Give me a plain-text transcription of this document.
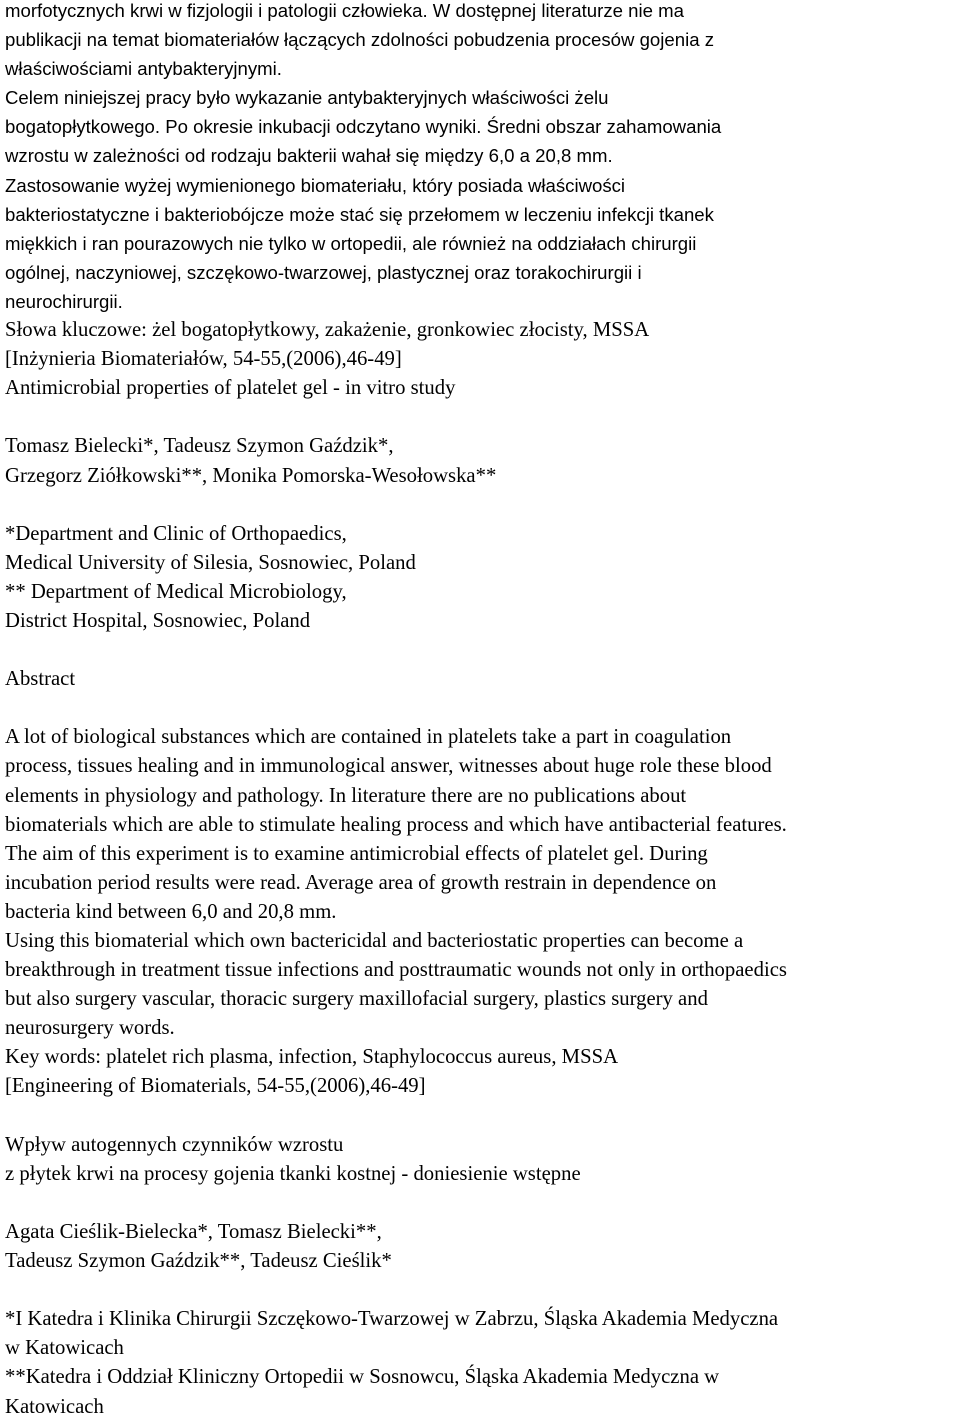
morfotycznych krwi w fizjologii i patologii człowieka. W dostępnej literaturze nie ma
publikacji na temat biomateriałów łączących zdolności pobudzenia procesów gojenia z
właściwościami antybakteryjnymi.
Celem niniejszej pracy było wykazanie antybakteryjnych właściwości żelu
bogatopłytkowego. Po okresie inkubacji odczytano wyniki. Średni obszar zahamowania
wzrostu w zależności od rodzaju bakterii wahał się między 6,0 a 20,8 mm.
Zastosowanie wyżej wymienionego biomateriału, który posiada właściwości
bakteriostatyczne i bakteriobójcze może stać się przełomem w leczeniu infekcji tkanek
miękkich i ran pourazowych nie tylko w ortopedii, ale również na oddziałach chirurgii
ogólnej, naczyniowej, szczękowo-twarzowej, plastycznej oraz torakochirurgii i
neurochirurgii.
Słowa kluczowe: żel bogatopłytkowy, zakażenie, gronkowiec złocisty, MSSA
[Inżynieria Biomateriałów, 54-55,(2006),46-49]
Antimicrobial properties of platelet gel - in vitro study
Tomasz Bielecki*, Tadeusz Szymon Gaździk*,
Grzegorz Ziółkowski**, Monika Pomorska-Wesołowska**
*Department and Clinic of Orthopaedics,
Medical University of Silesia, Sosnowiec, Poland
** Department of Medical Microbiology,
District Hospital, Sosnowiec, Poland
Abstract
A lot of biological substances which are contained in platelets take a part in coagulation
process, tissues healing and in immunological answer, witnesses about huge role these blood
elements in physiology and pathology. In literature there are no publications about
biomaterials which are able to stimulate healing process and which have antibacterial features.
The aim of this experiment is to examine antimicrobial effects of platelet gel. During
incubation period results were read. Average area of growth restrain in dependence on
bacteria kind between 6,0 and 20,8 mm.
Using this biomaterial which own bactericidal and bacteriostatic properties can become a
breakthrough in treatment tissue infections and posttraumatic wounds not only in orthopaedics
but also surgery vascular, thoracic surgery maxillofacial surgery, plastics surgery and
neurosurgery words.
Key words: platelet rich plasma, infection, Staphylococcus aureus, MSSA
[Engineering of Biomaterials, 54-55,(2006),46-49]
Wpływ autogennych czynników wzrostu
z płytek krwi na procesy gojenia tkanki kostnej - doniesienie wstępne
Agata Cieślik-Bielecka*, Tomasz Bielecki**,
Tadeusz Szymon Gaździk**, Tadeusz Cieślik*
*I Katedra i Klinika Chirurgii Szczękowo-Twarzowej w Zabrzu, Śląska Akademia Medyczna
w Katowicach
**Katedra i Oddział Kliniczny Ortopedii w Sosnowcu, Śląska Akademia Medyczna w
Katowicach
